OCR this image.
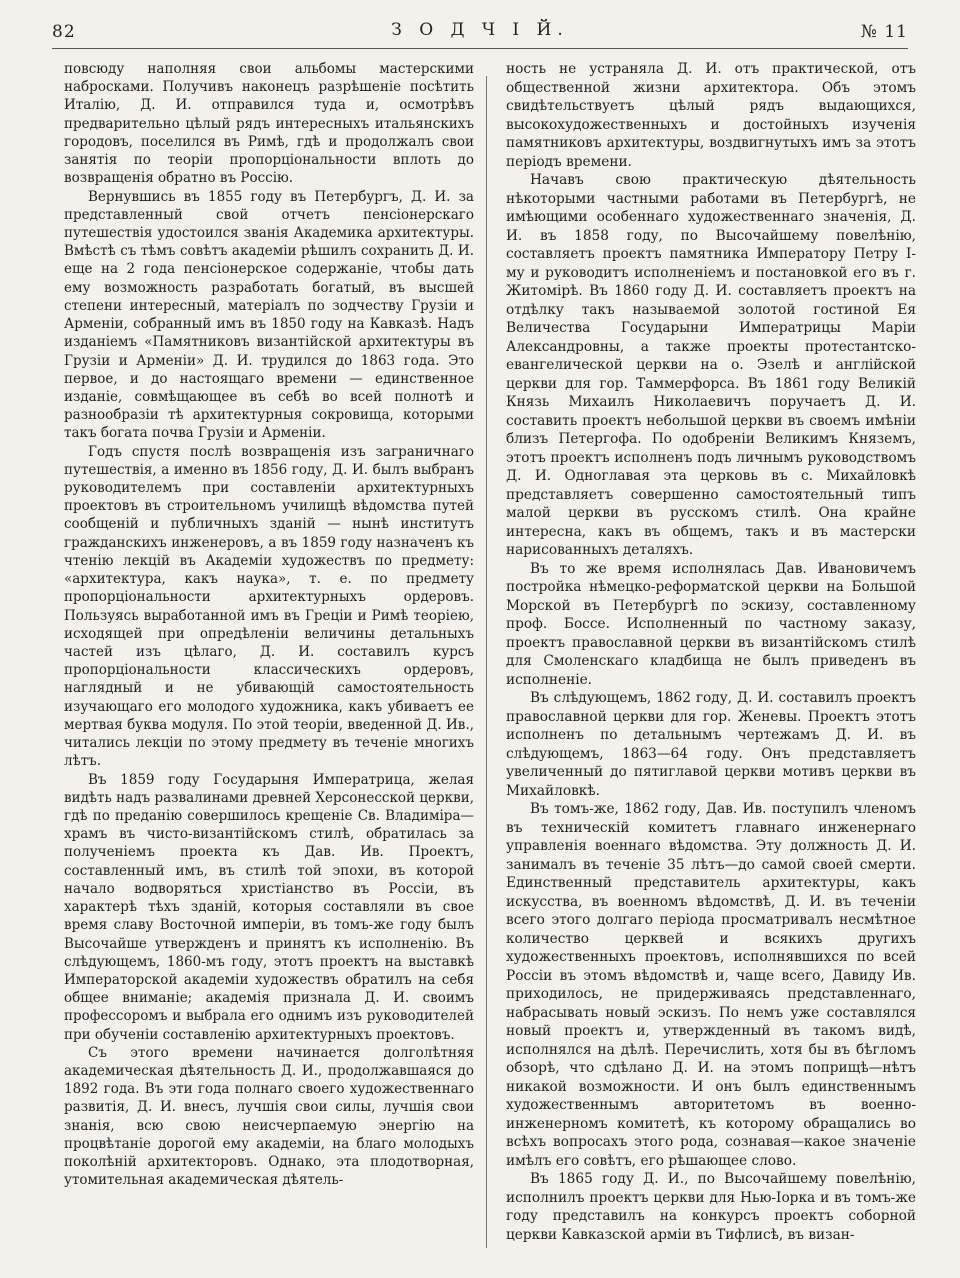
82	З О Д Ч І Й.	№ 11

повсюду наполняя свои альбомы мастерскими набросками. Получивъ наконецъ разрѣшеніе посѣтить Италію, Д. И. отправился туда и, осмотрѣвъ предварительно цѣлый рядъ интересныхъ итальянскихъ городовъ, поселился въ Римѣ, гдѣ и продолжалъ свои занятія по теоріи пропорціональности вплоть до возвращенія обратно въ Россію.

Вернувшись въ 1855 году въ Петербургъ, Д. И. за представленный свой отчетъ пенсіонерскаго путешествія удостоился званія Академика архитектуры. Вмѣстѣ съ тѣмъ совѣтъ академіи рѣшилъ сохранить Д. И. еще на 2 года пенсіонерское содержаніе, чтобы дать ему возможность разработать богатый, въ высшей степени интересный, матеріалъ по зодчеству Грузіи и Арменіи, собранный имъ въ 1850 году на Кавказѣ. Надъ изданіемъ «Памятниковъ византійской архитектуры въ Грузіи и Арменіи» Д. И. трудился до 1863 года. Это первое, и до настоящаго времени — единственное изданіе, совмѣщающее въ себѣ во всей полнотѣ и разнообразіи тѣ архитектурныя сокровища, которыми такъ богата почва Грузіи и Арменіи.

Годъ спустя послѣ возвращенія изъ заграничнаго путешествія, а именно въ 1856 году, Д. И. былъ выбранъ руководителемъ при составленіи архитектурныхъ проектовъ въ строительномъ училищѣ вѣдомства путей сообщеній и публичныхъ зданій — нынѣ институтъ гражданскихъ инженеровъ, а въ 1859 году назначенъ къ чтенію лекцій въ Академіи художествъ по предмету: «архитектура, какъ наука», т. е. по предмету пропорціональности архитектурныхъ ордеровъ. Пользуясь выработанной имъ въ Греціи и Римѣ теоріею, исходящей при опредѣленіи величины детальныхъ частей изъ цѣлаго, Д. И. составилъ курсъ пропорціональности классическихъ ордеровъ, наглядный и не убивающій самостоятельность изучающаго его молодого художника, какъ убиваетъ ее мертвая буква модуля. По этой теоріи, введенной Д. Ив., читались лекціи по этому предмету въ теченіе многихъ лѣтъ.

Въ 1859 году Государыня Императрица, желая видѣть надъ развалинами древней Херсонесской церкви, гдѣ по преданію совершилось крещеніе Св. Владиміра—храмъ въ чисто-византійскомъ стилѣ, обратилась за полученіемъ проекта къ Дав. Ив. Проектъ, составленный имъ, въ стилѣ той эпохи, въ которой начало водворяться христіанство въ Россіи, въ характерѣ тѣхъ зданій, которыя составляли въ свое время славу Восточной имперіи, въ томъ-же году былъ Высочайше утвержденъ и принятъ къ исполненію. Въ слѣдующемъ, 1860-мъ году, этотъ проектъ на выставкѣ Императорской академіи художествъ обратилъ на себя общее вниманіе; академія признала Д. И. своимъ профессоромъ и выбрала его однимъ изъ руководителей при обученіи составленію архитектурныхъ проектовъ.

Съ этого времени начинается долголѣтняя академическая дѣятельность Д. И., продолжавшаяся до 1892 года. Въ эти года полнаго своего художественнаго развитія, Д. И. внесъ, лучшія свои силы, лучшія свои знанія, всю свою неисчерпаемую энергію на процвѣтаніе дорогой ему академіи, на благо молодыхъ поколѣній архитекторовъ. Однако, эта плодотворная, утомительная академическая дѣятель-

ность не устраняла Д. И. отъ практической, отъ общественной жизни архитектора. Объ этомъ свидѣтельствуетъ цѣлый рядъ выдающихся, высокохудожественныхъ и достойныхъ изученія памятниковъ архитектуры, воздвигнутыхъ имъ за этотъ періодъ времени.

Начавъ свою практическую дѣятельность нѣкоторыми частными работами въ Петербургѣ, не имѣющими особеннаго художественнаго значенія, Д. И. въ 1858 году, по Высочайшему повелѣнію, составляетъ проектъ памятника Императору Петру I-му и руководитъ исполненіемъ и постановкой его въ г. Житомірѣ. Въ 1860 году Д. И. составляетъ проектъ на отдѣлку такъ называемой золотой гостиной Ея Величества Государыни Императрицы Маріи Александровны, а также проекты протестантско-евангелической церкви на о. Эзелѣ и англійской церкви для гор. Таммерфорса. Въ 1861 году Великій Князь Михаилъ Николаевичъ поручаетъ Д. И. составить проектъ небольшой церкви въ своемъ имѣніи близъ Петергофа. По одобреніи Великимъ Княземъ, этотъ проектъ исполненъ подъ личнымъ руководствомъ Д. И. Одноглавая эта церковь въ с. Михайловкѣ представляетъ совершенно самостоятельный типъ малой церкви въ русскомъ стилѣ. Она крайне интересна, какъ въ общемъ, такъ и въ мастерски нарисованныхъ деталяхъ.

Въ то же время исполнялась Дав. Ивановичемъ постройка нѣмецко-реформатской церкви на Большой Морской въ Петербургѣ по эскизу, составленному проф. Боссе. Исполненный по частному заказу, проектъ православной церкви въ византійскомъ стилѣ для Смоленскаго кладбища не былъ приведенъ въ исполненіе.

Въ слѣдующемъ, 1862 году, Д. И. составилъ проектъ православной церкви для гор. Женевы. Проектъ этотъ исполненъ по детальнымъ чертежамъ Д. И. въ слѣдующемъ, 1863—64 году. Онъ представляетъ увеличенный до пятиглавой церкви мотивъ церкви въ Михайловкѣ.

Въ томъ-же, 1862 году, Дав. Ив. поступилъ членомъ въ техническій комитетъ главнаго инженернаго управленія военнаго вѣдомства. Эту должность Д. И. занималъ въ теченіе 35 лѣтъ—до самой своей смерти. Единственный представитель архитектуры, какъ искусства, въ военномъ вѣдомствѣ, Д. И. въ теченіи всего этого долгаго періода просматривалъ несмѣтное количество церквей и всякихъ другихъ художественныхъ проектовъ, исполнявшихся по всей Россіи въ этомъ вѣдомствѣ и, чаще всего, Давиду Ив. приходилось, не придерживаясь представленнаго, набрасывать новый эскизъ. По немъ уже составлялся новый проектъ и, утвержденный въ такомъ видѣ, исполнялся на дѣлѣ. Перечислить, хотя бы въ бѣгломъ обзорѣ, что сдѣлано Д. И. на этомъ поприщѣ—нѣтъ никакой возможности. И онъ былъ единственнымъ художественнымъ авторитетомъ въ военно-инженерномъ комитетѣ, къ которому обращались во всѣхъ вопросахъ этого рода, сознавая—какое значеніе имѣлъ его совѣтъ, его рѣшающее слово.

Въ 1865 году Д. И., по Высочайшему повелѣнію, исполнилъ проектъ церкви для Нью-Іорка и въ томъ-же году представилъ на конкурсъ проектъ соборной церкви Кавказской арміи въ Тифлисѣ, въ визан-
